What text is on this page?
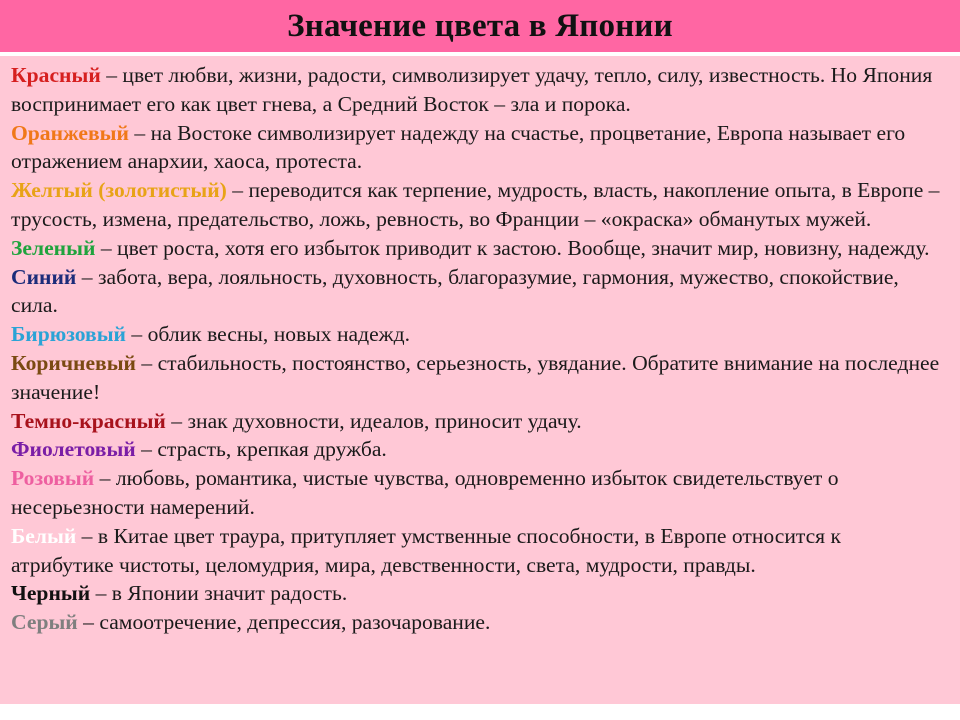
Значение цвета в Японии

Красный – цвет любви, жизни, радости, символизирует удачу, тепло, силу, известность. Но Япония воспринимает его как цвет гнева, а Средний Восток – зла и порока.

Оранжевый – на Востоке символизирует надежду на счастье, процветание, Европа называет его отражением анархии, хаоса, протеста.

Желтый (золотистый) – переводится как терпение, мудрость, власть, накопление опыта, в Европе – трусость, измена, предательство, ложь, ревность, во Франции – «окраска» обманутых мужей.

Зеленый – цвет роста, хотя его избыток приводит к застою. Вообще, значит мир, новизну, надежду.

Синий – забота, вера, лояльность, духовность, благоразумие, гармония, мужество, спокойствие, сила.

Бирюзовый – облик весны, новых надежд.

Коричневый – стабильность, постоянство, серьезность, увядание. Обратите внимание на последнее значение!

Темно-красный – знак духовности, идеалов, приносит удачу.

Фиолетовый – страсть, крепкая дружба.

Розовый – любовь, романтика, чистые чувства, одновременно избыток свидетельствует о несерьезности намерений.

Белый – в Китае цвет траура, притупляет умственные способности, в Европе относится к атрибутике чистоты, целомудрия, мира, девственности, света, мудрости, правды.

Черный – в Японии значит радость.

Серый – самоотречение, депрессия, разочарование.
